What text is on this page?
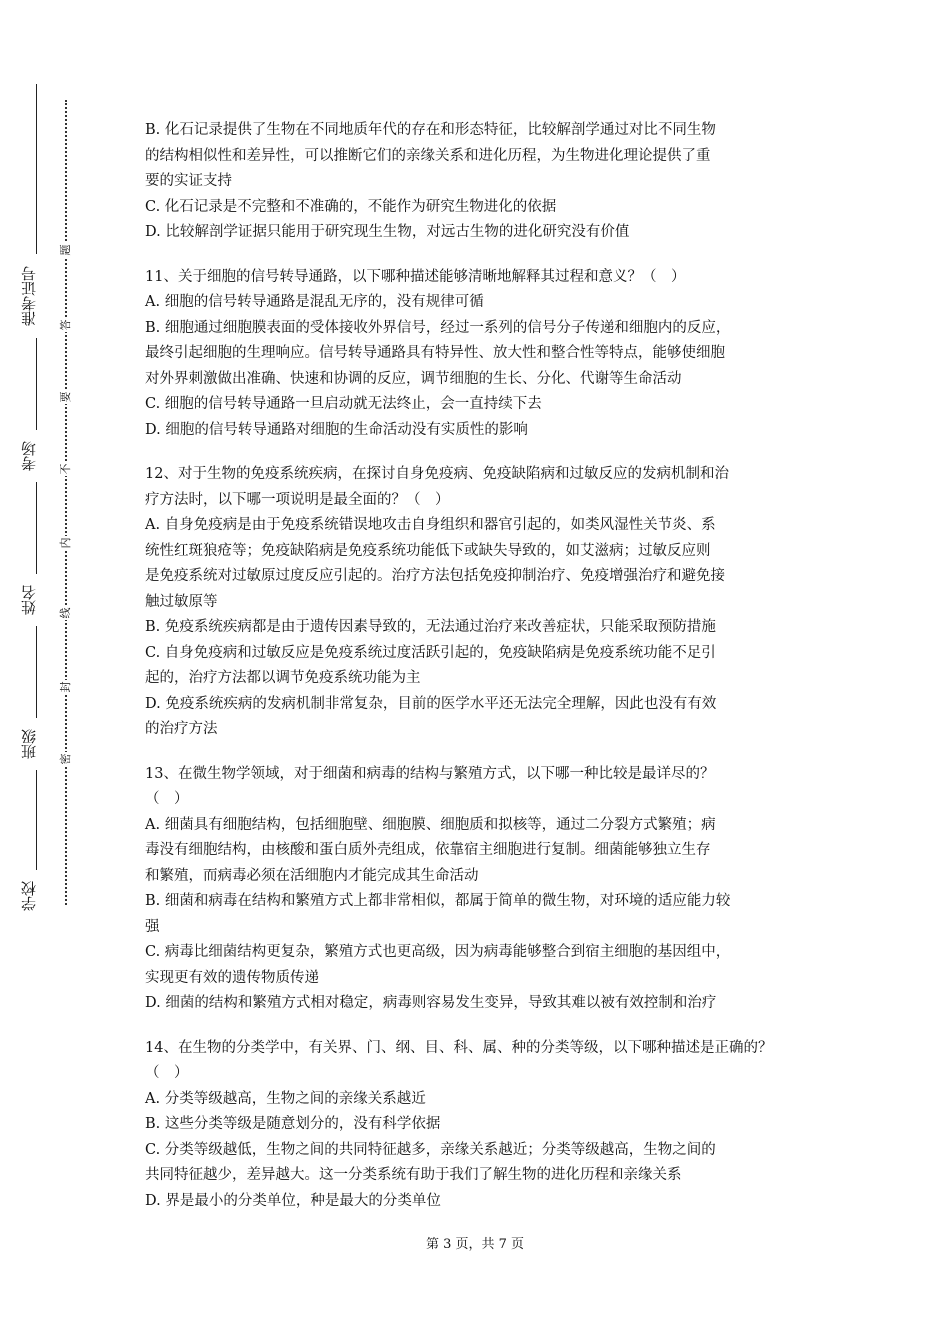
准考证号
考场
姓名
班级
学校
题
答
要
不
内
线
封
密
B. 化石记录提供了生物在不同地质年代的存在和形态特征，比较解剖学通过对比不同生物
的结构相似性和差异性，可以推断它们的亲缘关系和进化历程，为生物进化理论提供了重
要的实证支持
C. 化石记录是不完整和不准确的，不能作为研究生物进化的依据
D. 比较解剖学证据只能用于研究现生生物，对远古生物的进化研究没有价值
11、关于细胞的信号转导通路，以下哪种描述能够清晰地解释其过程和意义？（　）
A. 细胞的信号转导通路是混乱无序的，没有规律可循
B. 细胞通过细胞膜表面的受体接收外界信号，经过一系列的信号分子传递和细胞内的反应，
最终引起细胞的生理响应。信号转导通路具有特异性、放大性和整合性等特点，能够使细胞
对外界刺激做出准确、快速和协调的反应，调节细胞的生长、分化、代谢等生命活动
C. 细胞的信号转导通路一旦启动就无法终止，会一直持续下去
D. 细胞的信号转导通路对细胞的生命活动没有实质性的影响
12、对于生物的免疫系统疾病，在探讨自身免疫病、免疫缺陷病和过敏反应的发病机制和治
疗方法时，以下哪一项说明是最全面的？（　）
A. 自身免疫病是由于免疫系统错误地攻击自身组织和器官引起的，如类风湿性关节炎、系
统性红斑狼疮等；免疫缺陷病是免疫系统功能低下或缺失导致的，如艾滋病；过敏反应则
是免疫系统对过敏原过度反应引起的。治疗方法包括免疫抑制治疗、免疫增强治疗和避免接
触过敏原等
B. 免疫系统疾病都是由于遗传因素导致的，无法通过治疗来改善症状，只能采取预防措施
C. 自身免疫病和过敏反应是免疫系统过度活跃引起的，免疫缺陷病是免疫系统功能不足引
起的，治疗方法都以调节免疫系统功能为主
D. 免疫系统疾病的发病机制非常复杂，目前的医学水平还无法完全理解，因此也没有有效
的治疗方法
13、在微生物学领域，对于细菌和病毒的结构与繁殖方式，以下哪一种比较是最详尽的？
（　）
A. 细菌具有细胞结构，包括细胞壁、细胞膜、细胞质和拟核等，通过二分裂方式繁殖；病
毒没有细胞结构，由核酸和蛋白质外壳组成，依靠宿主细胞进行复制。细菌能够独立生存
和繁殖，而病毒必须在活细胞内才能完成其生命活动
B. 细菌和病毒在结构和繁殖方式上都非常相似，都属于简单的微生物，对环境的适应能力较
强
C. 病毒比细菌结构更复杂，繁殖方式也更高级，因为病毒能够整合到宿主细胞的基因组中，
实现更有效的遗传物质传递
D. 细菌的结构和繁殖方式相对稳定，病毒则容易发生变异，导致其难以被有效控制和治疗
14、在生物的分类学中，有关界、门、纲、目、科、属、种的分类等级，以下哪种描述是正确的？
（　）
A. 分类等级越高，生物之间的亲缘关系越近
B. 这些分类等级是随意划分的，没有科学依据
C. 分类等级越低，生物之间的共同特征越多，亲缘关系越近；分类等级越高，生物之间的
共同特征越少，差异越大。这一分类系统有助于我们了解生物的进化历程和亲缘关系
D. 界是最小的分类单位，种是最大的分类单位
第 3 页，共 7 页
